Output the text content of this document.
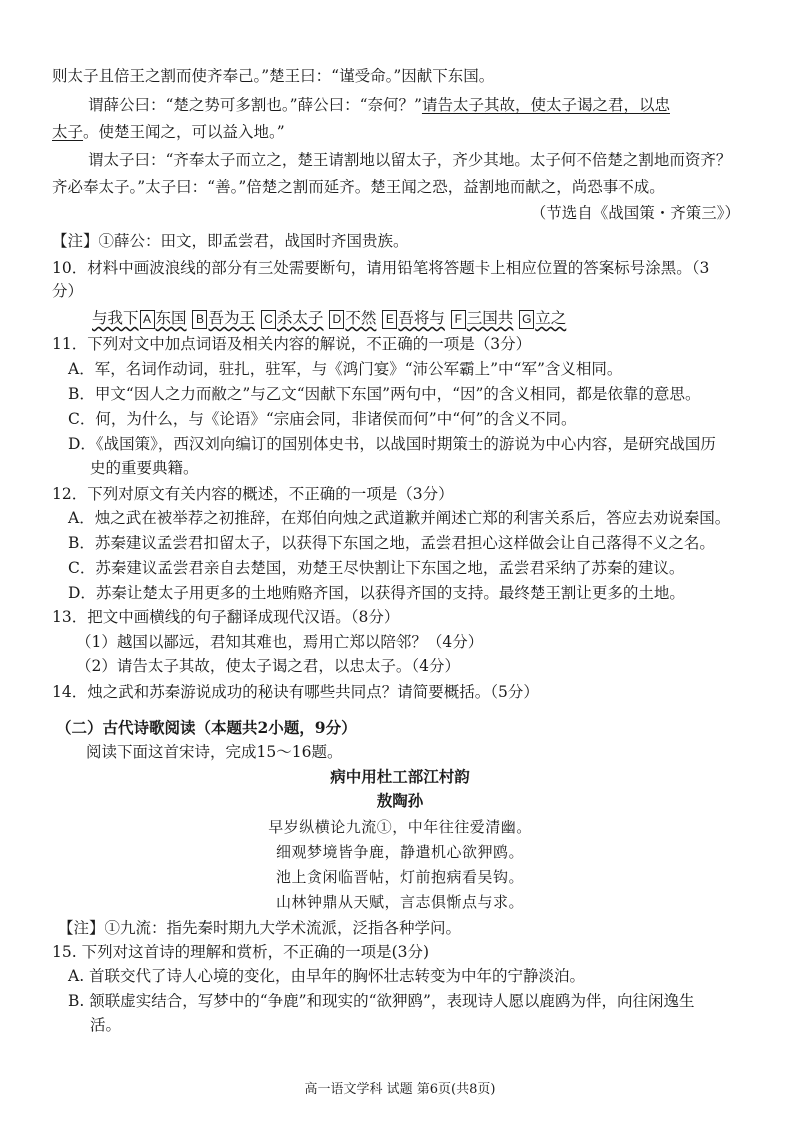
则太子且倍王之割而使齐奉己。”楚王曰：“谨受命。”因献下东国。
谓薛公曰：“楚之势可多割也。”薛公曰：“奈何？”请告太子其故，使太子谒之君，以忠
太子。使楚王闻之，可以益入地。”
谓太子曰：“齐奉太子而立之，楚王请割地以留太子，齐少其地。太子何不倍楚之割地而资齐？
齐必奉太子。”太子曰：“善。”倍楚之割而延齐。楚王闻之恐，益割地而献之，尚恐事不成。
（节选自《战国策・齐策三》）
【注】①薛公：田文，即孟尝君，战国时齐国贵族。
10．材料中画波浪线的部分有三处需要断句，请用铅笔将答题卡上相应位置的答案标号涂黑。（3
分）
与我下 A 东国 B 吾为王 C 杀太子 D 不然 E 吾将与 F 三国共 G 立之
11．下列对文中加点词语及相关内容的解说，不正确的一项是（3分）
A．军，名词作动词，驻扎，驻军，与《鸿门宴》“沛公军霸上”中“军”含义相同。
B．甲文“因人之力而敝之”与乙文“因献下东国”两句中，“因”的含义相同，都是依靠的意思。
C．何，为什么，与《论语》“宗庙会同，非诸侯而何”中“何”的含义不同。
D．《战国策》，西汉刘向编订的国别体史书，以战国时期策士的游说为中心内容，是研究战国历
史的重要典籍。
12．下列对原文有关内容的概述，不正确的一项是（3分）
A．烛之武在被举荐之初推辞，在郑伯向烛之武道歉并阐述亡郑的利害关系后，答应去劝说秦国。
B．苏秦建议孟尝君扣留太子，以获得下东国之地，孟尝君担心这样做会让自己落得不义之名。
C．苏秦建议孟尝君亲自去楚国，劝楚王尽快割让下东国之地，孟尝君采纳了苏秦的建议。
D．苏秦让楚太子用更多的土地贿赂齐国，以获得齐国的支持。最终楚王割让更多的土地。
13．把文中画横线的句子翻译成现代汉语。（8分）
（1）越国以鄙远，君知其难也，焉用亡郑以陪邻？（4分）
（2）请告太子其故，使太子谒之君，以忠太子。（4分）
14．烛之武和苏秦游说成功的秘诀有哪些共同点？请简要概括。（5分）
（二）古代诗歌阅读（本题共2小题，9分）
阅读下面这首宋诗，完成15～16题。
病中用杜工部江村韵
敖陶孙
早岁纵横论九流①，中年往往爱清幽。
细观梦境皆争鹿，静遣机心欲狎鸥。
池上贪闲临晋帖，灯前抱病看吴钩。
山林钟鼎从天赋，言志俱惭点与求。
【注】①九流：指先秦时期九大学术流派，泛指各种学问。
15. 下列对这首诗的理解和赏析，不正确的一项是(3分)
A. 首联交代了诗人心境的变化，由早年的胸怀壮志转变为中年的宁静淡泊。
B. 颔联虚实结合，写梦中的“争鹿”和现实的“欲狎鸥”，表现诗人愿以鹿鸥为伴，向往闲逸生
活。
高一语文学科 试题 第6页(共8页)
